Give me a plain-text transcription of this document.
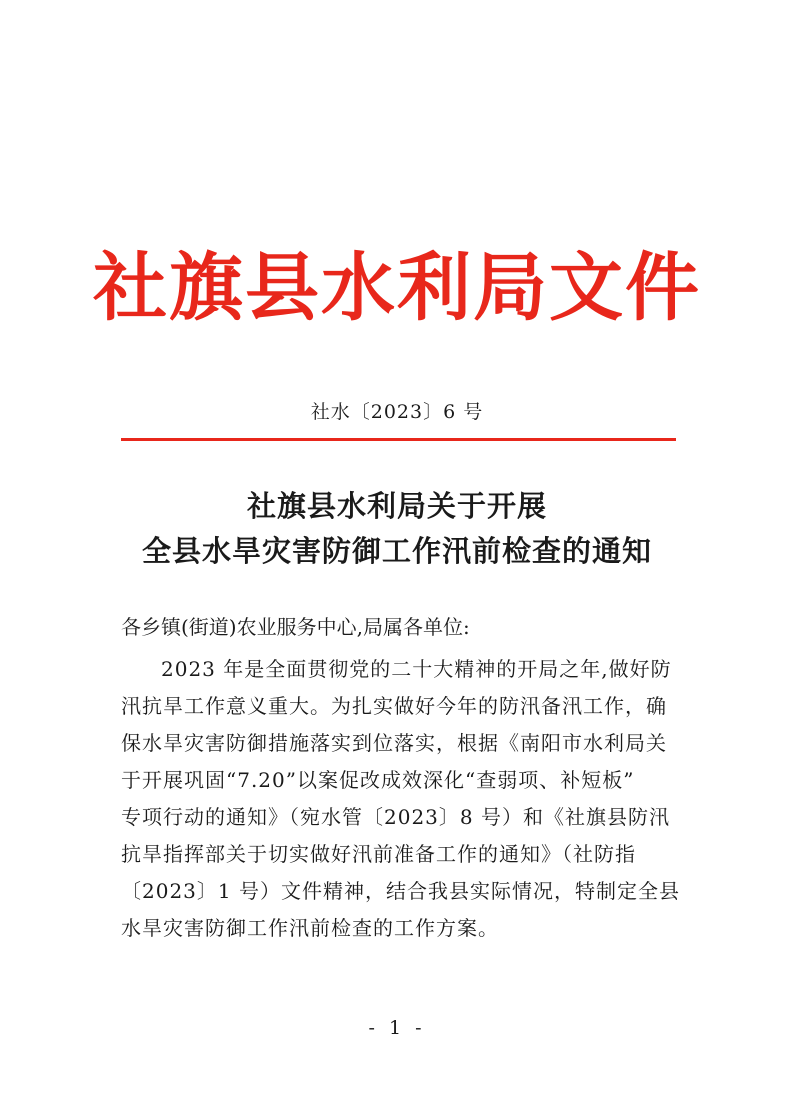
社旗县水利局文件
社水〔2023〕6 号
社旗县水利局关于开展
全县水旱灾害防御工作汛前检查的通知
各乡镇(街道)农业服务中心,局属各单位:
2023 年是全面贯彻党的二十大精神的开局之年,做好防
汛抗旱工作意义重大。为扎实做好今年的防汛备汛工作，确
保水旱灾害防御措施落实到位落实，根据《南阳市水利局关
于开展巩固“7.20”以案促改成效深化“查弱项、补短板”
专项行动的通知》（宛水管〔2023〕8 号）和《社旗县防汛
抗旱指挥部关于切实做好汛前准备工作的通知》（社防指
〔2023〕1 号）文件精神，结合我县实际情况，特制定全县
水旱灾害防御工作汛前检查的工作方案。
- 1 -
